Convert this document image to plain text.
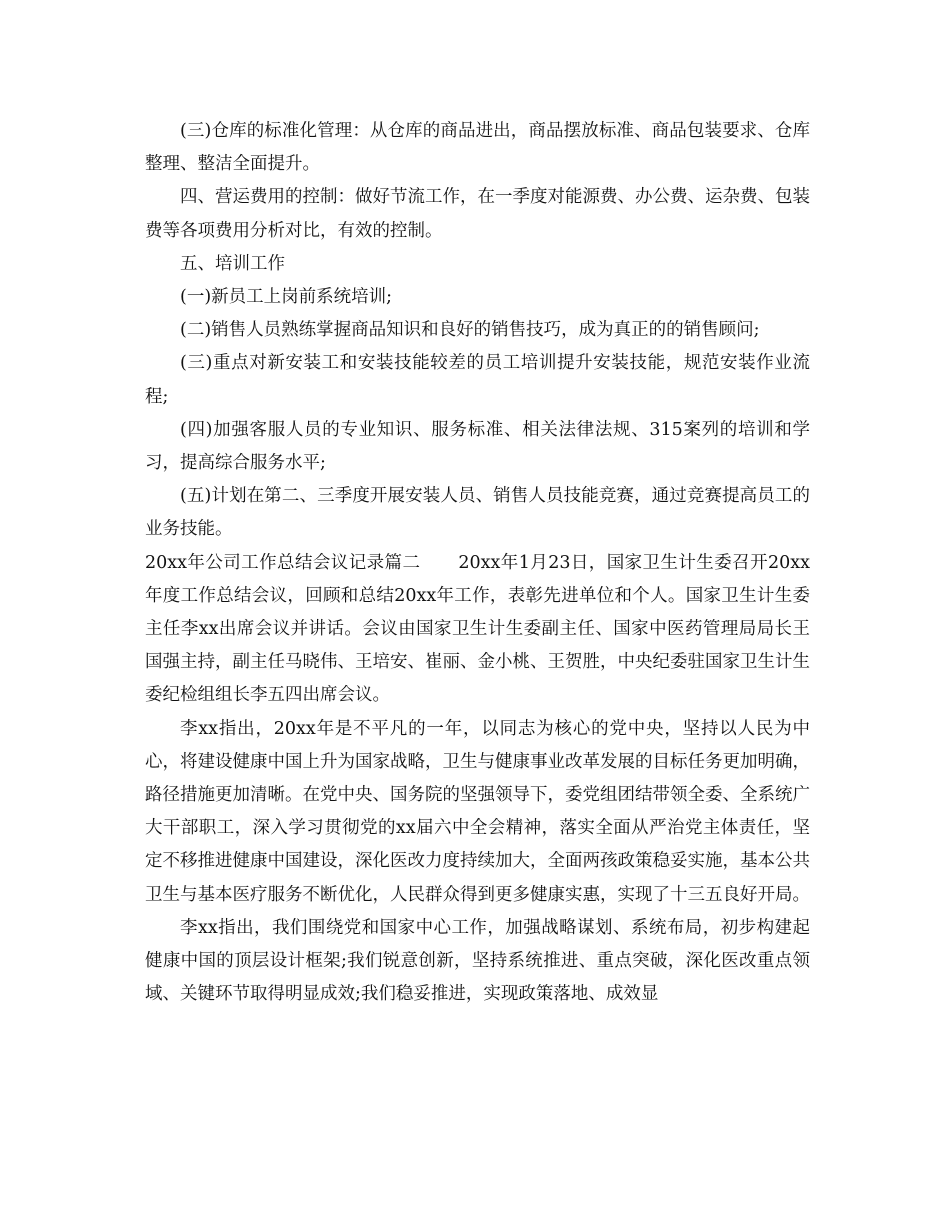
(三)仓库的标准化管理：从仓库的商品进出，商品摆放标准、商品包装要求、仓库整理、整洁全面提升。

四、营运费用的控制：做好节流工作，在一季度对能源费、办公费、运杂费、包装费等各项费用分析对比，有效的控制。

五、培训工作

(一)新员工上岗前系统培训;

(二)销售人员熟练掌握商品知识和良好的销售技巧，成为真正的的销售顾问;

(三)重点对新安装工和安装技能较差的员工培训提升安装技能，规范安装作业流程;

(四)加强客服人员的专业知识、服务标准、相关法律法规、315案列的培训和学习，提高综合服务水平;

(五)计划在第二、三季度开展安装人员、销售人员技能竞赛，通过竞赛提高员工的业务技能。

20xx年公司工作总结会议记录篇二 20xx年1月23日，国家卫生计生委召开20xx年度工作总结会议，回顾和总结20xx年工作，表彰先进单位和个人。国家卫生计生委主任李xx出席会议并讲话。会议由国家卫生计生委副主任、国家中医药管理局局长王国强主持，副主任马晓伟、王培安、崔丽、金小桃、王贺胜，中央纪委驻国家卫生计生委纪检组组长李五四出席会议。

李xx指出，20xx年是不平凡的一年，以同志为核心的党中央，坚持以人民为中心，将建设健康中国上升为国家战略，卫生与健康事业改革发展的目标任务更加明确，路径措施更加清晰。在党中央、国务院的坚强领导下，委党组团结带领全委、全系统广大干部职工，深入学习贯彻党的xx届六中全会精神，落实全面从严治党主体责任，坚定不移推进健康中国建设，深化医改力度持续加大，全面两孩政策稳妥实施，基本公共卫生与基本医疗服务不断优化，人民群众得到更多健康实惠，实现了十三五良好开局。

李xx指出，我们围绕党和国家中心工作，加强战略谋划、系统布局，初步构建起健康中国的顶层设计框架;我们锐意创新，坚持系统推进、重点突破，深化医改重点领域、关键环节取得明显成效;我们稳妥推进，实现政策落地、成效显
